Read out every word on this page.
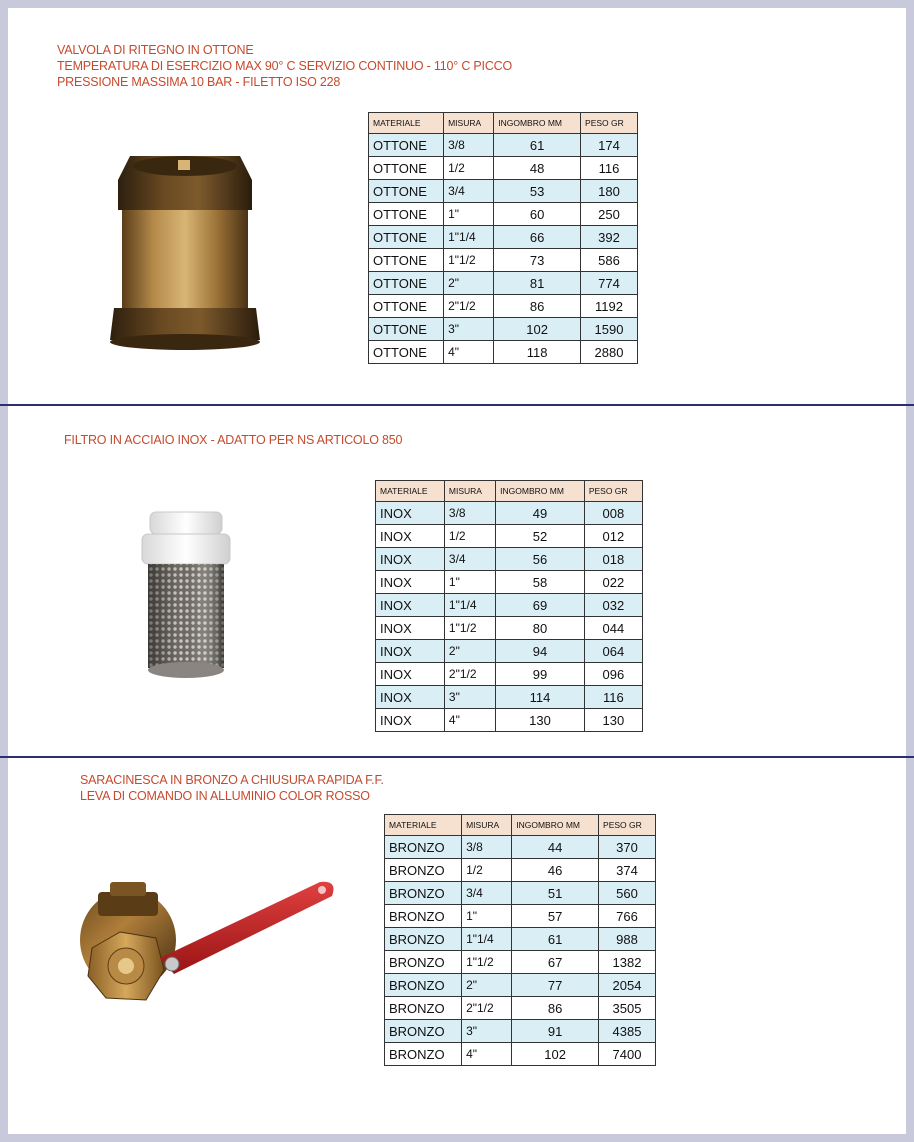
VALVOLA DI RITEGNO IN OTTONE
TEMPERATURA DI ESERCIZIO MAX 90° C SERVIZIO CONTINUO - 110° C PICCO
PRESSIONE MASSIMA 10 BAR - FILETTO ISO 228
MATERIALE	MISURA	INGOMBRO MM	PESO GR
OTTONE	3/8	61	174
OTTONE	1/2	48	116
OTTONE	3/4	53	180
OTTONE	1"	60	250
OTTONE	1"1/4	66	392
OTTONE	1"1/2	73	586
OTTONE	2"	81	774
OTTONE	2"1/2	86	1192
OTTONE	3"	102	1590
OTTONE	4"	118	2880
FILTRO IN ACCIAIO INOX - ADATTO PER NS ARTICOLO 850
MATERIALE	MISURA	INGOMBRO MM	PESO GR
INOX	3/8	49	008
INOX	1/2	52	012
INOX	3/4	56	018
INOX	1"	58	022
INOX	1"1/4	69	032
INOX	1"1/2	80	044
INOX	2"	94	064
INOX	2"1/2	99	096
INOX	3"	114	116
INOX	4"	130	130
SARACINESCA IN BRONZO A CHIUSURA RAPIDA F.F.
LEVA DI COMANDO IN ALLUMINIO COLOR ROSSO
MATERIALE	MISURA	INGOMBRO MM	PESO GR
BRONZO	3/8	44	370
BRONZO	1/2	46	374
BRONZO	3/4	51	560
BRONZO	1"	57	766
BRONZO	1"1/4	61	988
BRONZO	1"1/2	67	1382
BRONZO	2"	77	2054
BRONZO	2"1/2	86	3505
BRONZO	3"	91	4385
BRONZO	4"	102	7400
